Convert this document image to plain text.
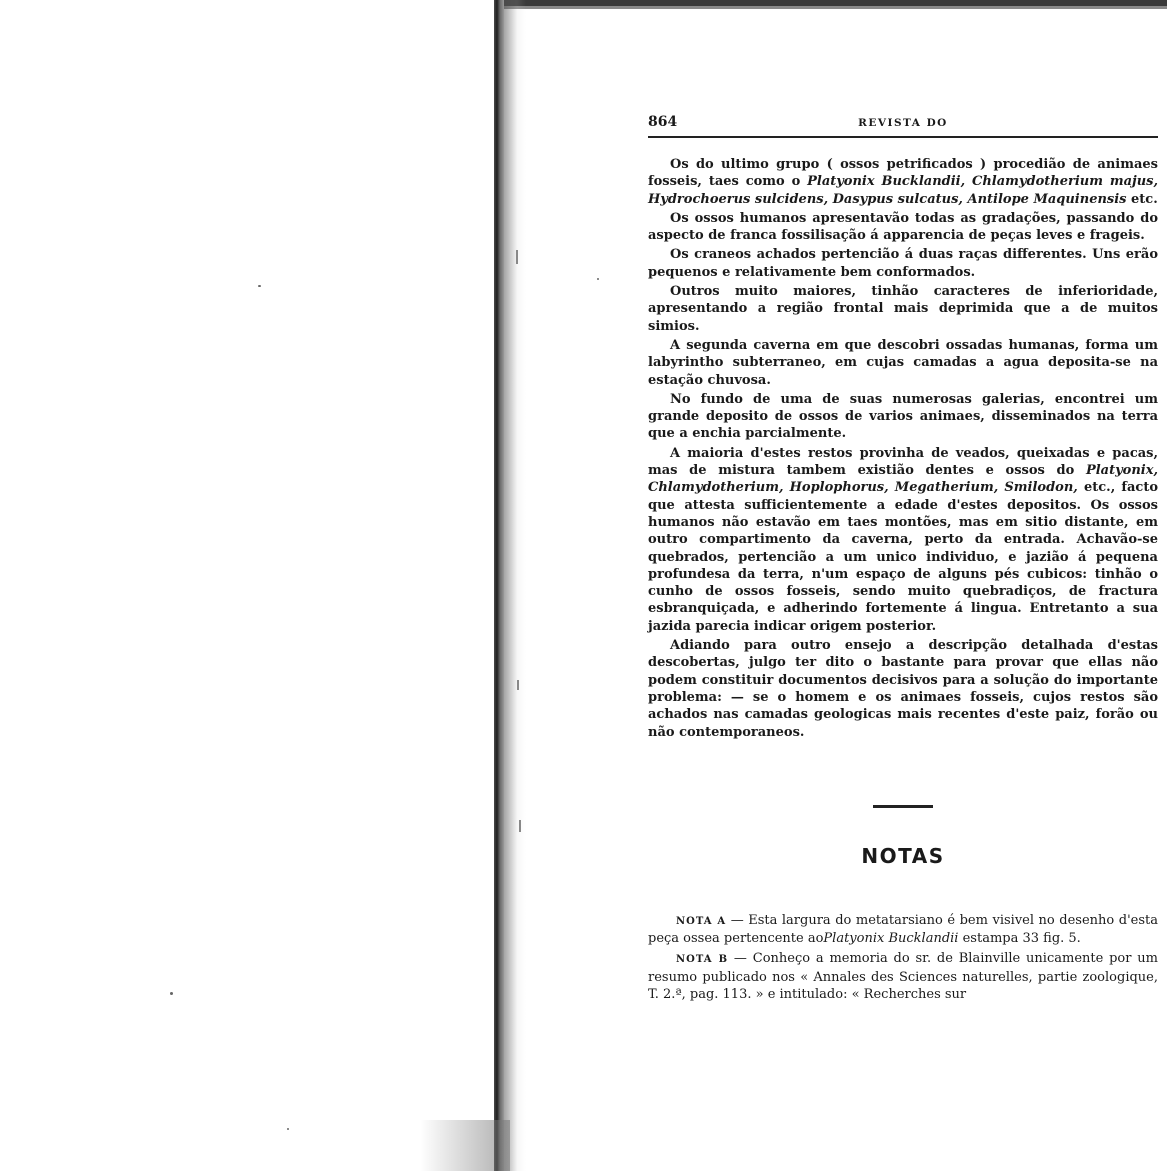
864	REVISTA DO

Os do ultimo grupo ( ossos petrificados ) procedião de animaes fosseis, taes como o Platyonix Bucklandii, Chlamydotherium majus, Hydrochoerus sulcidens, Dasypus sulcatus, Antilope Maquinensis etc.

Os ossos humanos apresentavão todas as gradações, passando do aspecto de franca fossilisação á apparencia de peças leves e frageis.

Os craneos achados pertencião á duas raças differentes. Uns erão pequenos e relativamente bem conformados.

Outros muito maiores, tinhão caracteres de inferioridade, apresentando a região frontal mais deprimida que a de muitos simios.

A segunda caverna em que descobri ossadas humanas, forma um labyrintho subterraneo, em cujas camadas a agua deposita-se na estação chuvosa.

No fundo de uma de suas numerosas galerias, encontrei um grande deposito de ossos de varios animaes, disseminados na terra que a enchia parcialmente.

A maioria d'estes restos provinha de veados, queixadas e pacas, mas de mistura tambem existião dentes e ossos do Platyonix, Chlamydotherium, Hoplophorus, Megatherium, Smilodon, etc., facto que attesta sufficientemente a edade d'estes depositos. Os ossos humanos não estavão em taes montões, mas em sitio distante, em outro compartimento da caverna, perto da entrada. Achavão-se quebrados, pertencião a um unico individuo, e jazião á pequena profundesa da terra, n'um espaço de alguns pés cubicos: tinhão o cunho de ossos fosseis, sendo muito quebradiços, de fractura esbranquiçada, e adherindo fortemente á lingua. Entretanto a sua jazida parecia indicar origem posterior.

Adiando para outro ensejo a descripção detalhada d'estas descobertas, julgo ter dito o bastante para provar que ellas não podem constituir documentos decisivos para a solução do importante problema: — se o homem e os animaes fosseis, cujos restos são achados nas camadas geologicas mais recentes d'este paiz, forão ou não contemporaneos.

NOTAS

NOTA A — Esta largura do metatarsiano é bem visivel no desenho d'esta peça ossea pertencente aoPlatyonix Bucklandii estampa 33 fig. 5.

NOTA B — Conheço a memoria do sr. de Blainville unicamente por um resumo publicado nos « Annales des Sciences naturelles, partie zoologique, T. 2.ª, pag. 113. » e intitulado: « Recherches sur
